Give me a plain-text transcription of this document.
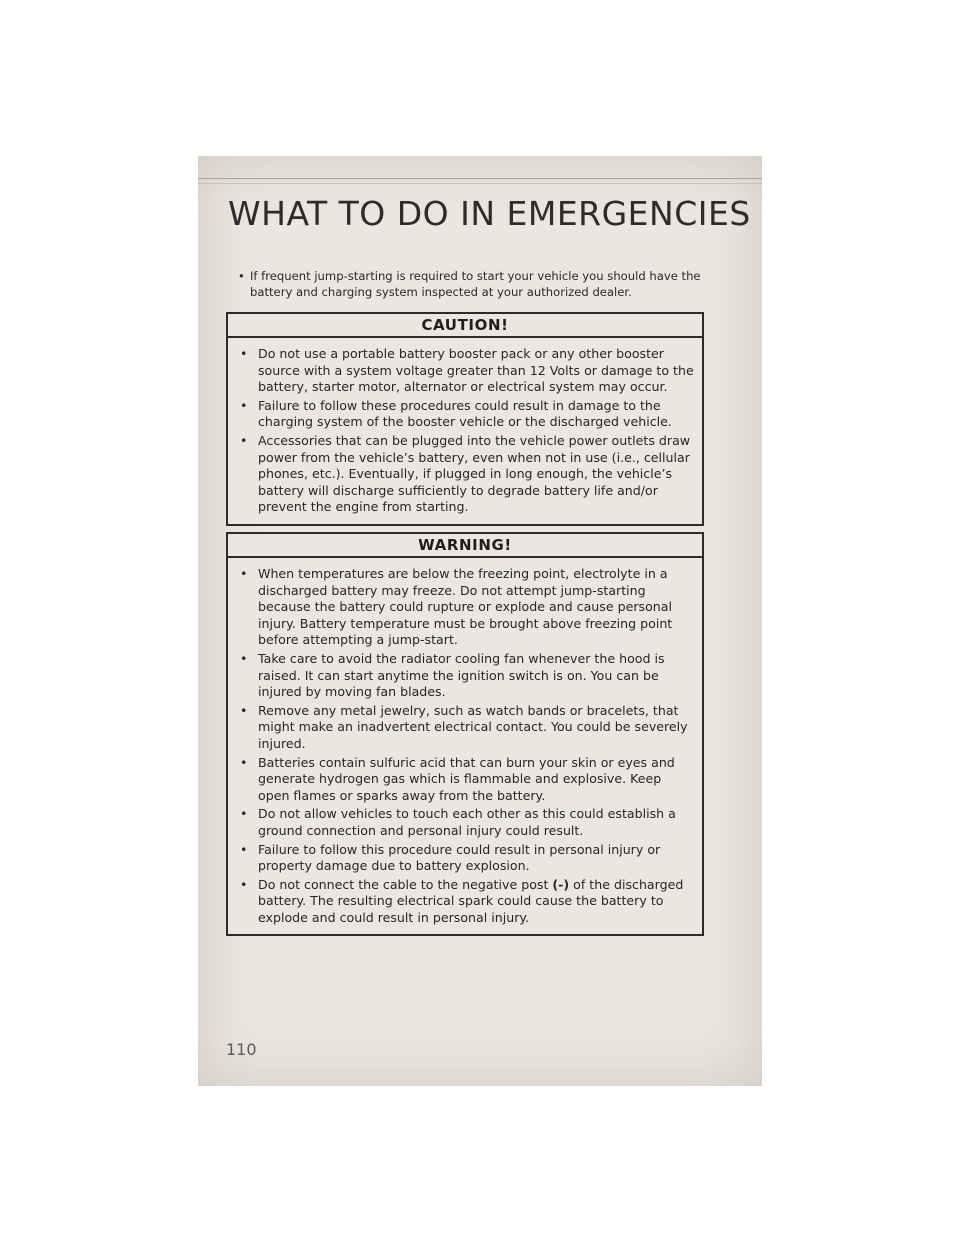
WHAT TO DO IN EMERGENCIES
• If frequent jump-starting is required to start your vehicle you should have the battery and charging system inspected at your authorized dealer.
CAUTION!
• Do not use a portable battery booster pack or any other booster source with a system voltage greater than 12 Volts or damage to the battery, starter motor, alternator or electrical system may occur.
• Failure to follow these procedures could result in damage to the charging system of the booster vehicle or the discharged vehicle.
• Accessories that can be plugged into the vehicle power outlets draw power from the vehicle’s battery, even when not in use (i.e., cellular phones, etc.). Eventually, if plugged in long enough, the vehicle’s battery will discharge sufficiently to degrade battery life and/or prevent the engine from starting.
WARNING!
• When temperatures are below the freezing point, electrolyte in a discharged battery may freeze. Do not attempt jump-starting because the battery could rupture or explode and cause personal injury. Battery temperature must be brought above freezing point before attempting a jump-start.
• Take care to avoid the radiator cooling fan whenever the hood is raised. It can start anytime the ignition switch is on. You can be injured by moving fan blades.
• Remove any metal jewelry, such as watch bands or bracelets, that might make an inadvertent electrical contact. You could be severely injured.
• Batteries contain sulfuric acid that can burn your skin or eyes and generate hydrogen gas which is flammable and explosive. Keep open flames or sparks away from the battery.
• Do not allow vehicles to touch each other as this could establish a ground connection and personal injury could result.
• Failure to follow this procedure could result in personal injury or property damage due to battery explosion.
• Do not connect the cable to the negative post (-) of the discharged battery. The resulting electrical spark could cause the battery to explode and could result in personal injury.
110
